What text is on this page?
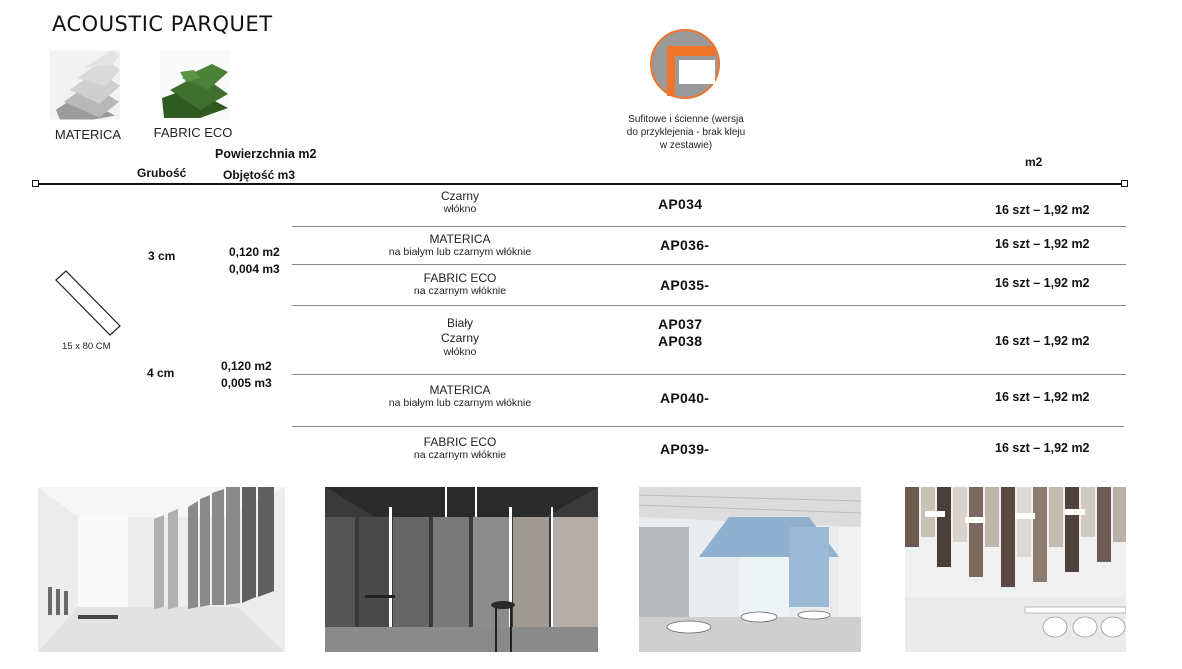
ACOUSTIC PARQUET
MATERICA	FABRIC ECO
Powierzchnia m2
Grubość	Objętość m3
m2
Sufitowe i ścienne (wersja do przyklejenia - brak kleju w zestawie)
15 x 80 CM
3 cm	0,120 m2
0,004 m3
4 cm	0,120 m2
0,005 m3
Czarny
włókno	AP034	16 szt – 1,92 m2
MATERICA
na białym lub czarnym włóknie	AP036-	16 szt – 1,92 m2
FABRIC ECO
na czarnym włóknie	AP035-	16 szt – 1,92 m2
Biały
Czarny
włókno
AP037
AP038	16 szt – 1,92 m2
MATERICA
na białym lub czarnym włóknie	AP040-	16 szt – 1,92 m2
FABRIC ECO
na czarnym włóknie	AP039-	16 szt – 1,92 m2
